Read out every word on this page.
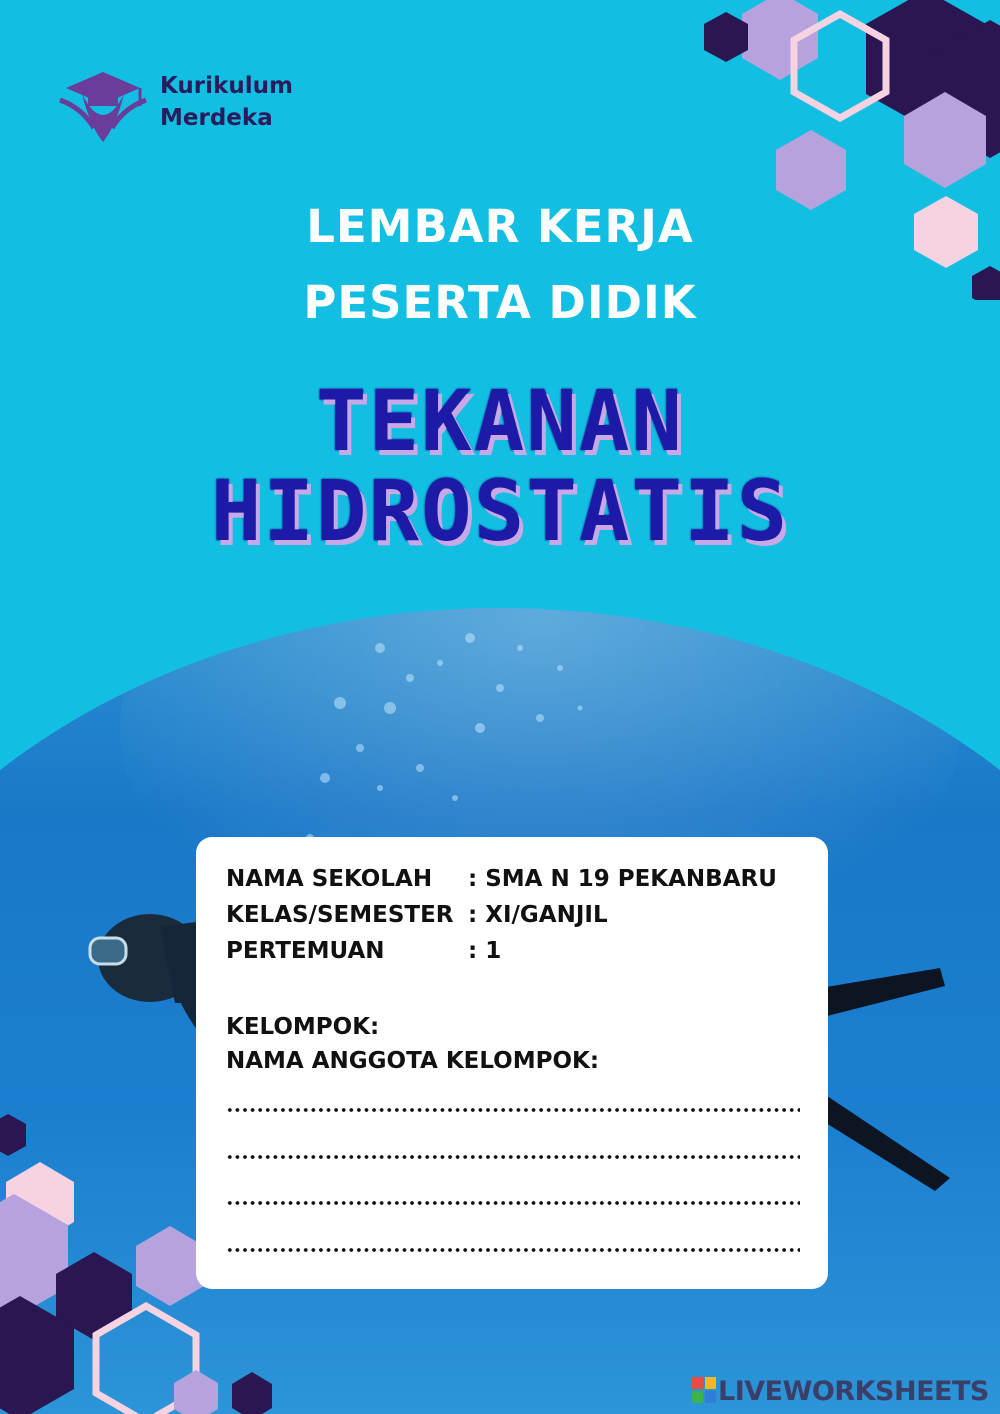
Kurikulum
Merdeka
LEMBAR KERJA
PESERTA DIDIK
TEKANAN
HIDROSTATIS
NAMA SEKOLAH : SMA N 19 PEKANBARU
KELAS/SEMESTER : XI/GANJIL
PERTEMUAN	: 1
KELOMPOK:
NAMA ANGGOTA KELOMPOK:
LIVEWORKSHEETS
